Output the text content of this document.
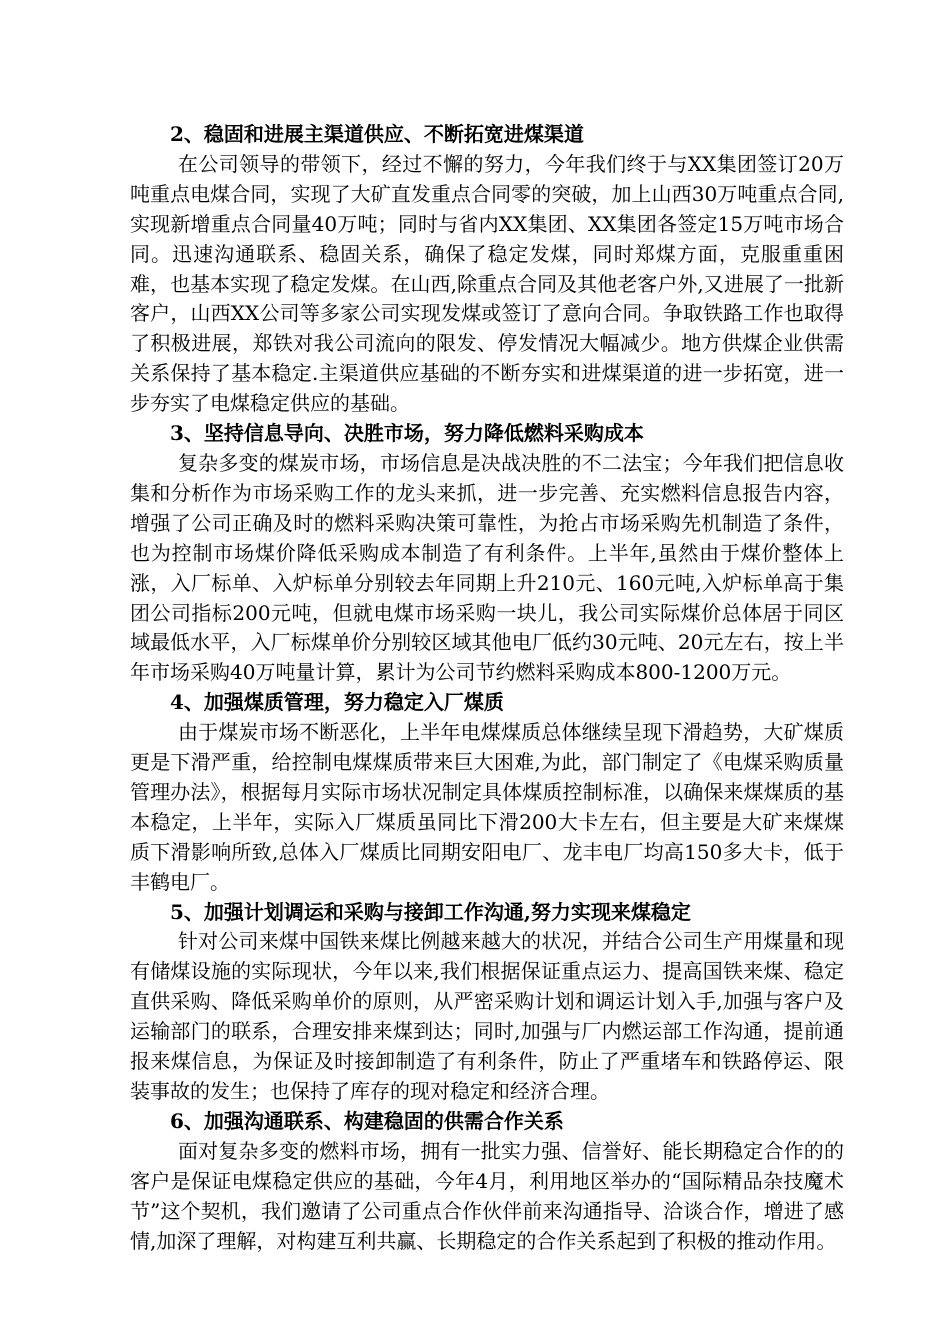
2、稳固和进展主渠道供应、不断拓宽进煤渠道

在公司领导的带领下，经过不懈的努力，今年我们终于与XX集团签订20万吨重点电煤合同，实现了大矿直发重点合同零的突破，加上山西30万吨重点合同,实现新增重点合同量40万吨；同时与省内XX集团、XX集团各签定15万吨市场合同。迅速沟通联系、稳固关系，确保了稳定发煤，同时郑煤方面，克服重重困难，也基本实现了稳定发煤。在山西,除重点合同及其他老客户外,又进展了一批新客户，山西XX公司等多家公司实现发煤或签订了意向合同。争取铁路工作也取得了积极进展，郑铁对我公司流向的限发、停发情况大幅减少。地方供煤企业供需关系保持了基本稳定.主渠道供应基础的不断夯实和进煤渠道的进一步拓宽，进一步夯实了电煤稳定供应的基础。

3、坚持信息导向、决胜市场，努力降低燃料采购成本

复杂多变的煤炭市场，市场信息是决战决胜的不二法宝；今年我们把信息收集和分析作为市场采购工作的龙头来抓，进一步完善、充实燃料信息报告内容，增强了公司正确及时的燃料采购决策可靠性，为抢占市场采购先机制造了条件，也为控制市场煤价降低采购成本制造了有利条件。上半年,虽然由于煤价整体上涨，入厂标单、入炉标单分别较去年同期上升210元、160元吨,入炉标单高于集团公司指标200元吨，但就电煤市场采购一块儿，我公司实际煤价总体居于同区域最低水平，入厂标煤单价分别较区域其他电厂低约30元吨、20元左右，按上半年市场采购40万吨量计算，累计为公司节约燃料采购成本800-1200万元。

4、加强煤质管理，努力稳定入厂煤质

由于煤炭市场不断恶化，上半年电煤煤质总体继续呈现下滑趋势，大矿煤质更是下滑严重，给控制电煤煤质带来巨大困难,为此，部门制定了《电煤采购质量管理办法》，根据每月实际市场状况制定具体煤质控制标准，以确保来煤煤质的基本稳定，上半年，实际入厂煤质虽同比下滑200大卡左右，但主要是大矿来煤煤质下滑影响所致,总体入厂煤质比同期安阳电厂、龙丰电厂均高150多大卡，低于丰鹤电厂。

5、加强计划调运和采购与接卸工作沟通,努力实现来煤稳定

针对公司来煤中国铁来煤比例越来越大的状况，并结合公司生产用煤量和现有储煤设施的实际现状，今年以来,我们根据保证重点运力、提高国铁来煤、稳定直供采购、降低采购单价的原则，从严密采购计划和调运计划入手,加强与客户及运输部门的联系，合理安排来煤到达；同时,加强与厂内燃运部工作沟通，提前通报来煤信息，为保证及时接卸制造了有利条件，防止了严重堵车和铁路停运、限装事故的发生；也保持了库存的现对稳定和经济合理。

6、加强沟通联系、构建稳固的供需合作关系

面对复杂多变的燃料市场，拥有一批实力强、信誉好、能长期稳定合作的的客户是保证电煤稳定供应的基础，今年4月，利用地区举办的“国际精品杂技魔术节”这个契机，我们邀请了公司重点合作伙伴前来沟通指导、洽谈合作，增进了感情,加深了理解，对构建互利共赢、长期稳定的合作关系起到了积极的推动作用。
